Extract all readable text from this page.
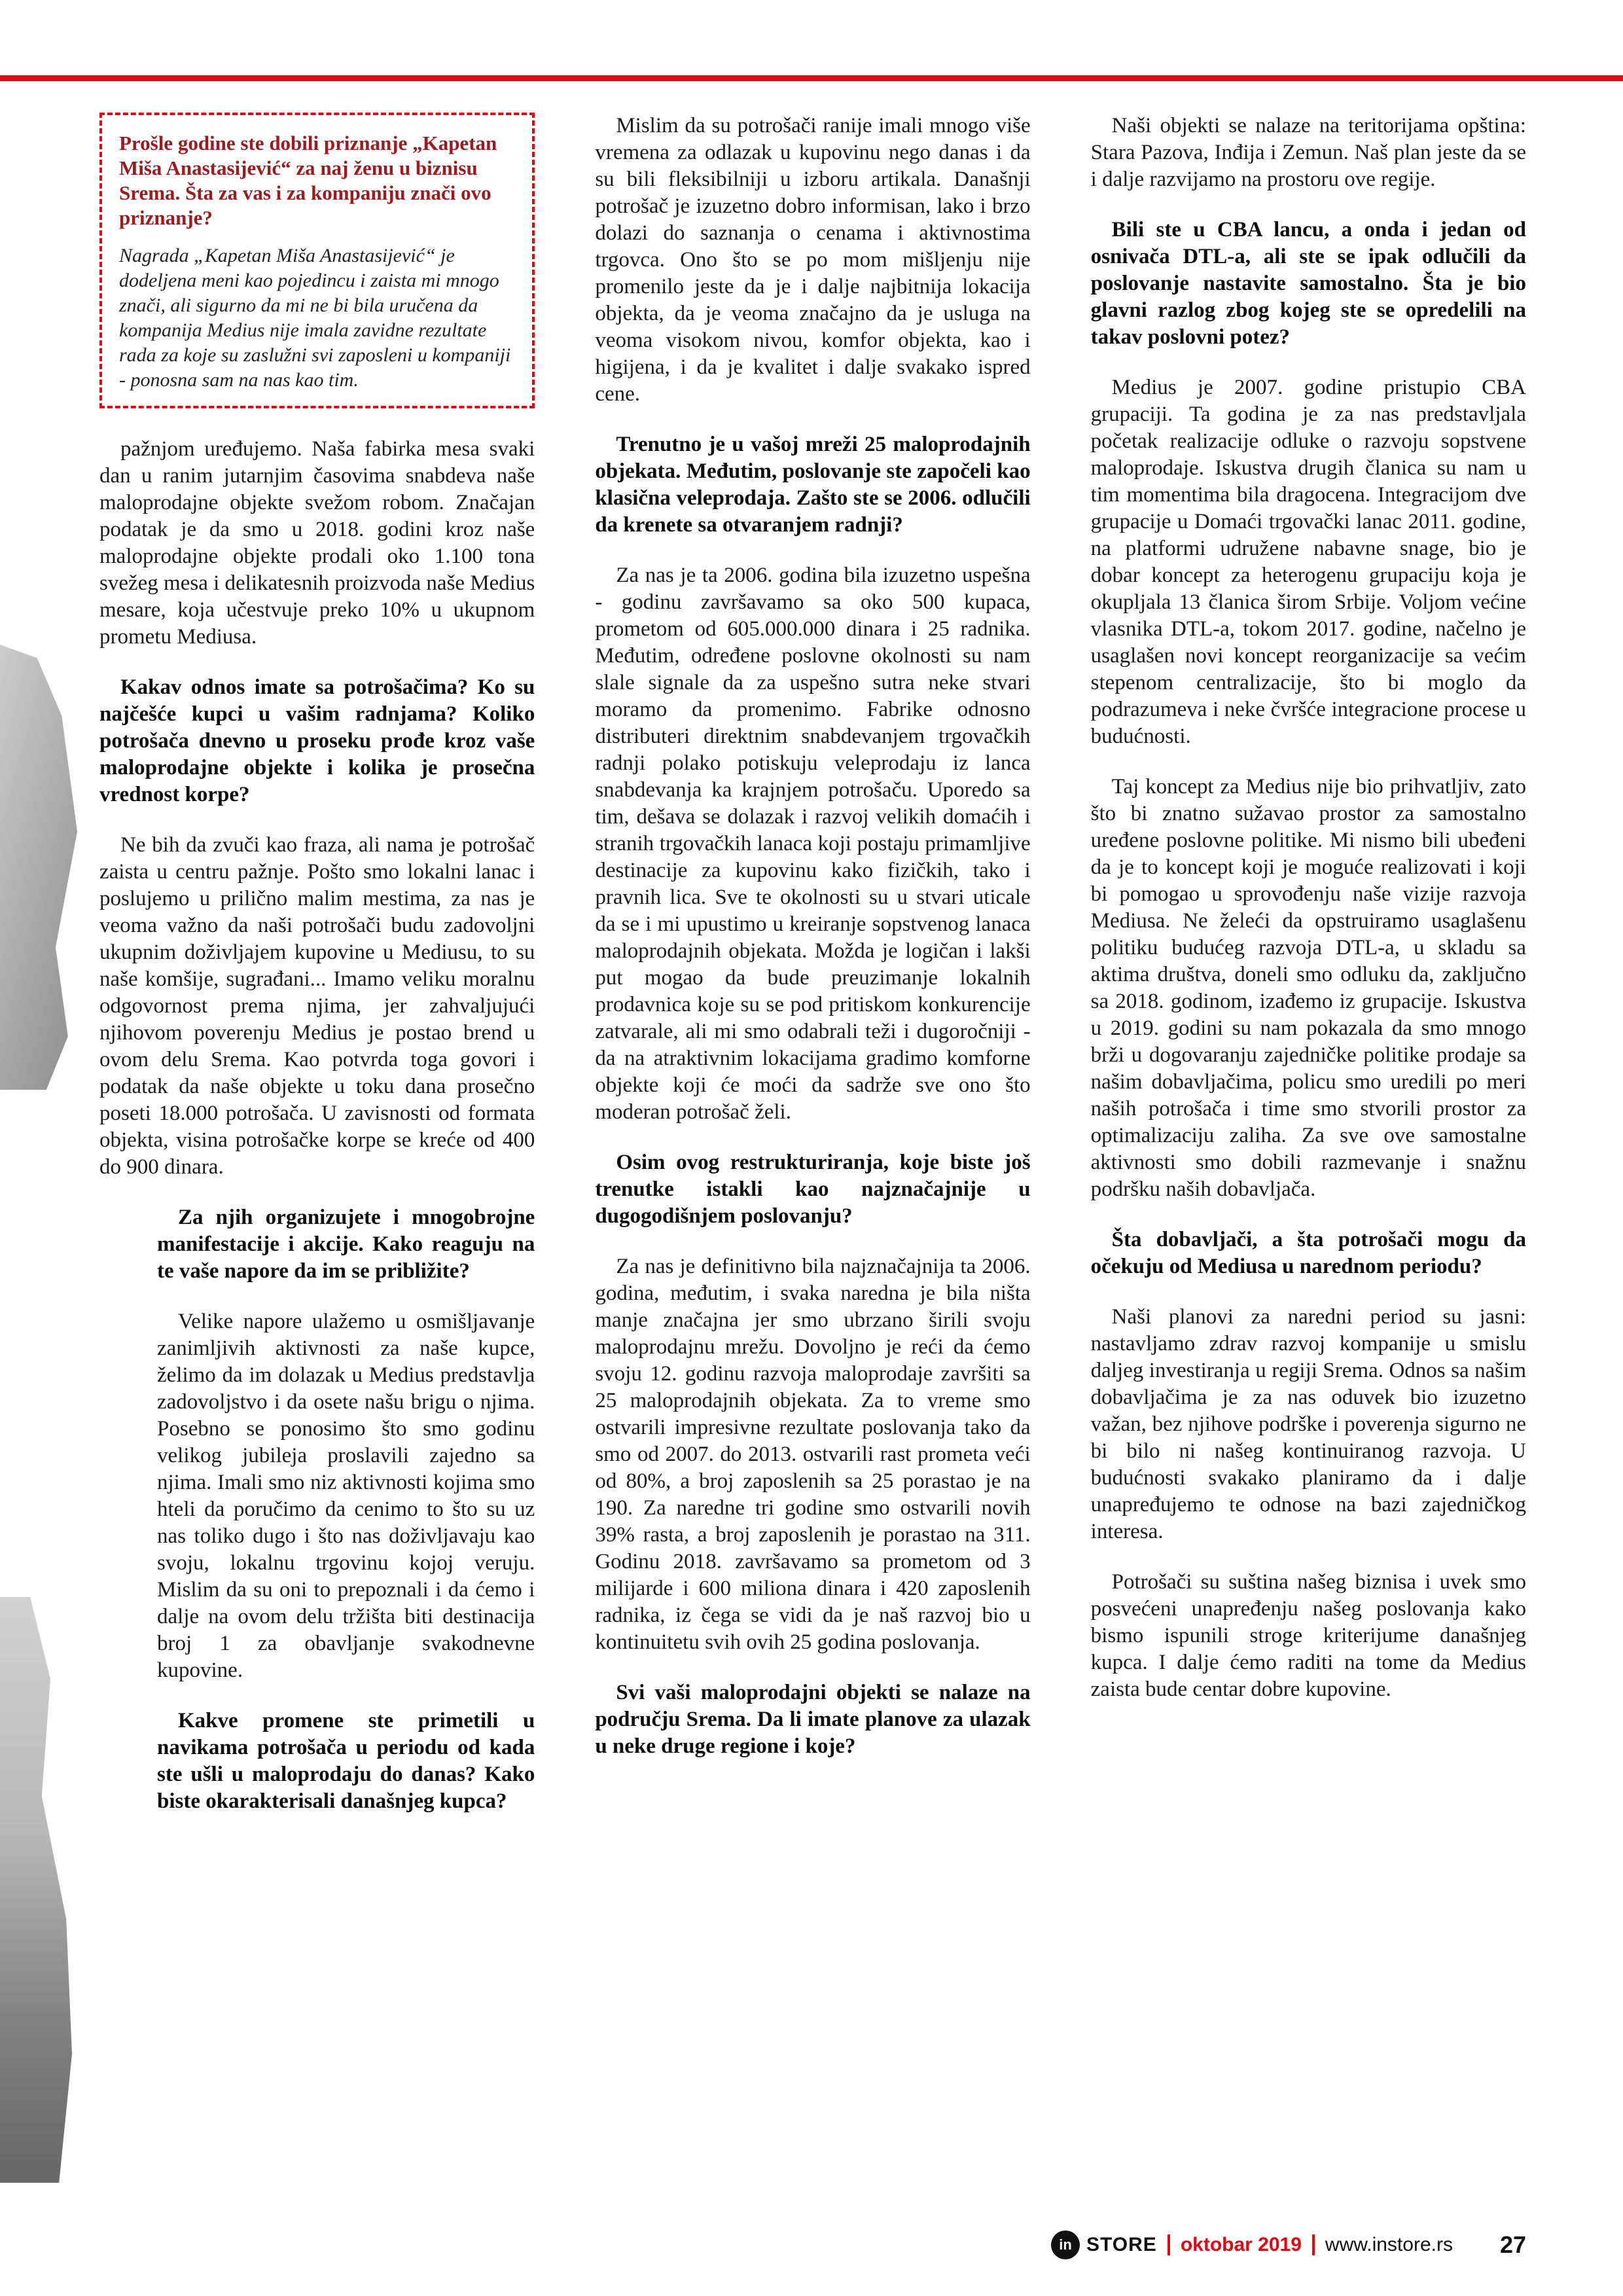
Prošle godine ste dobili priznanje „Kapetan Miša Anastasijević“ za naj ženu u biznisu Srema. Šta za vas i za kompaniju znači ovo priznanje?
Nagrada „Kapetan Miša Anastasijević“ je dodeljena meni kao pojedincu i zaista mi mnogo znači, ali sigurno da mi ne bi bila uručena da kompanija Medius nije imala zavidne rezultate rada za koje su zaslužni svi zaposleni u kompaniji - ponosna sam na nas kao tim.

pažnjom uređujemo. Naša fabirka mesa svaki dan u ranim jutarnjim časovima snabdeva naše maloprodajne objekte svežom robom. Značajan podatak je da smo u 2018. godini kroz naše maloprodajne objekte prodali oko 1.100 tona svežeg mesa i delikatesnih proizvoda naše Medius mesare, koja učestvuje preko 10% u ukupnom prometu Mediusa.

Kakav odnos imate sa potrošačima? Ko su najčešće kupci u vašim radnjama? Koliko potrošača dnevno u proseku prođe kroz vaše maloprodajne objekte i kolika je prosečna vrednost korpe?

Ne bih da zvuči kao fraza, ali nama je potrošač zaista u centru pažnje. Pošto smo lokalni lanac i poslujemo u prilično malim mestima, za nas je veoma važno da naši potrošači budu zadovoljni ukupnim doživljajem kupovine u Mediusu, to su naše komšije, sugrađani... Imamo veliku moralnu odgovornost prema njima, jer zahvaljujući njihovom poverenju Medius je postao brend u ovom delu Srema. Kao potvrda toga govori i podatak da naše objekte u toku dana prosečno poseti 18.000 potrošača. U zavisnosti od formata objekta, visina potrošačke korpe se kreće od 400 do 900 dinara.

Za njih organizujete i mnogobrojne manifestacije i akcije. Kako reaguju na te vaše napore da im se približite?

Velike napore ulažemo u osmišljavanje zanimljivih aktivnosti za naše kupce, želimo da im dolazak u Medius predstavlja zadovoljstvo i da osete našu brigu o njima. Posebno se ponosimo što smo godinu velikog jubileja proslavili zajedno sa njima. Imali smo niz aktivnosti kojima smo hteli da poručimo da cenimo to što su uz nas toliko dugo i što nas doživljavaju kao svoju, lokalnu trgovinu kojoj veruju. Mislim da su oni to prepoznali i da ćemo i dalje na ovom delu tržišta biti destinacija broj 1 za obavljanje svakodnevne kupovine.

Kakve promene ste primetili u navikama potrošača u periodu od kada ste ušli u maloprodaju do danas? Kako biste okarakterisali današnjeg kupca?

Mislim da su potrošači ranije imali mnogo više vremena za odlazak u kupovinu nego danas i da su bili fleksibilniji u izboru artikala. Današnji potrošač je izuzetno dobro informisan, lako i brzo dolazi do saznanja o cenama i aktivnostima trgovca. Ono što se po mom mišljenju nije promenilo jeste da je i dalje najbitnija lokacija objekta, da je veoma značajno da je usluga na veoma visokom nivou, komfor objekta, kao i higijena, i da je kvalitet i dalje svakako ispred cene.

Trenutno je u vašoj mreži 25 maloprodajnih objekata. Međutim, poslovanje ste započeli kao klasična veleprodaja. Zašto ste se 2006. odlučili da krenete sa otvaranjem radnji?

Za nas je ta 2006. godina bila izuzetno uspešna - godinu završavamo sa oko 500 kupaca, prometom od 605.000.000 dinara i 25 radnika. Međutim, određene poslovne okolnosti su nam slale signale da za uspešno sutra neke stvari moramo da promenimo. Fabrike odnosno distributeri direktnim snabdevanjem trgovačkih radnji polako potiskuju veleprodaju iz lanca snabdevanja ka krajnjem potrošaču. Uporedo sa tim, dešava se dolazak i razvoj velikih domaćih i stranih trgovačkih lanaca koji postaju primamljive destinacije za kupovinu kako fizičkih, tako i pravnih lica. Sve te okolnosti su u stvari uticale da se i mi upustimo u kreiranje sopstvenog lanaca maloprodajnih objekata. Možda je logičan i lakši put mogao da bude preuzimanje lokalnih prodavnica koje su se pod pritiskom konkurencije zatvarale, ali mi smo odabrali teži i dugoročniji - da na atraktivnim lokacijama gradimo komforne objekte koji će moći da sadrže sve ono što moderan potrošač želi.

Osim ovog restrukturiranja, koje biste još trenutke istakli kao najznačajnije u dugogodišnjem poslovanju?

Za nas je definitivno bila najznačajnija ta 2006. godina, međutim, i svaka naredna je bila ništa manje značajna jer smo ubrzano širili svoju maloprodajnu mrežu. Dovoljno je reći da ćemo svoju 12. godinu razvoja maloprodaje završiti sa 25 maloprodajnih objekata. Za to vreme smo ostvarili impresivne rezultate poslovanja tako da smo od 2007. do 2013. ostvarili rast prometa veći od 80%, a broj zaposlenih sa 25 porastao je na 190. Za naredne tri godine smo ostvarili novih 39% rasta, a broj zaposlenih je porastao na 311. Godinu 2018. završavamo sa prometom od 3 milijarde i 600 miliona dinara i 420 zaposlenih radnika, iz čega se vidi da je naš razvoj bio u kontinuitetu svih ovih 25 godina poslovanja.

Svi vaši maloprodajni objekti se nalaze na području Srema. Da li imate planove za ulazak u neke druge regione i koje?

Naši objekti se nalaze na teritorijama opština: Stara Pazova, Inđija i Zemun. Naš plan jeste da se i dalje razvijamo na prostoru ove regije.

Bili ste u CBA lancu, a onda i jedan od osnivača DTL-a, ali ste se ipak odlučili da poslovanje nastavite samostalno. Šta je bio glavni razlog zbog kojeg ste se opredelili na takav poslovni potez?

Medius je 2007. godine pristupio CBA grupaciji. Ta godina je za nas predstavljala početak realizacije odluke o razvoju sopstvene maloprodaje. Iskustva drugih članica su nam u tim momentima bila dragocena. Integracijom dve grupacije u Domaći trgovački lanac 2011. godine, na platformi udružene nabavne snage, bio je dobar koncept za heterogenu grupaciju koja je okupljala 13 članica širom Srbije. Voljom većine vlasnika DTL-a, tokom 2017. godine, načelno je usaglašen novi koncept reorganizacije sa većim stepenom centralizacije, što bi moglo da podrazumeva i neke čvršće integracione procese u budućnosti.

Taj koncept za Medius nije bio prihvatljiv, zato što bi znatno sužavao prostor za samostalno uređene poslovne politike. Mi nismo bili ubeđeni da je to koncept koji je moguće realizovati i koji bi pomogao u sprovođenju naše vizije razvoja Mediusa. Ne želeći da opstruiramo usaglašenu politiku budućeg razvoja DTL-a, u skladu sa aktima društva, doneli smo odluku da, zaključno sa 2018. godinom, izađemo iz grupacije. Iskustva u 2019. godini su nam pokazala da smo mnogo brži u dogovaranju zajedničke politike prodaje sa našim dobavljačima, policu smo uredili po meri naših potrošača i time smo stvorili prostor za optimalizaciju zaliha. Za sve ove samostalne aktivnosti smo dobili razmevanje i snažnu podršku naših dobavljača.

Šta dobavljači, a šta potrošači mogu da očekuju od Mediusa u narednom periodu?

Naši planovi za naredni period su jasni: nastavljamo zdrav razvoj kompanije u smislu daljeg investiranja u regiji Srema. Odnos sa našim dobavljačima je za nas oduvek bio izuzetno važan, bez njihove podrške i poverenja sigurno ne bi bilo ni našeg kontinuiranog razvoja. U budućnosti svakako planiramo da i dalje unapređujemo te odnose na bazi zajedničkog interesa.

Potrošači su suština našeg biznisa i uvek smo posvećeni unapređenju našeg poslovanja kako bismo ispunili stroge kriterijume današnjeg kupca. I dalje ćemo raditi na tome da Medius zaista bude centar dobre kupovine.

in STORE oktobar 2019 www.instore.rs 27
